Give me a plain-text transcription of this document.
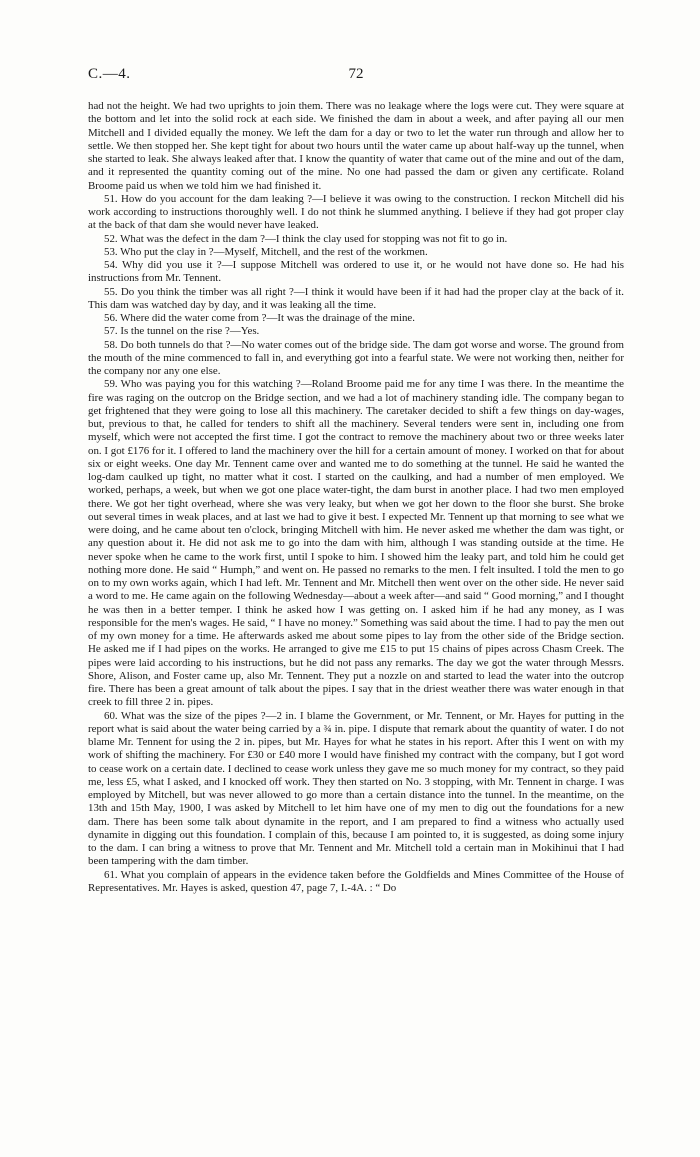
C.—4.	72

had not the height. We had two uprights to join them. There was no leakage where the logs were cut. They were square at the bottom and let into the solid rock at each side. We finished the dam in about a week, and after paying all our men Mitchell and I divided equally the money. We left the dam for a day or two to let the water run through and allow her to settle. We then stopped her. She kept tight for about two hours until the water came up about half-way up the tunnel, when she started to leak. She always leaked after that. I know the quantity of water that came out of the mine and out of the dam, and it represented the quantity coming out of the mine. No one had passed the dam or given any certificate. Roland Broome paid us when we told him we had finished it.

51. How do you account for the dam leaking ?—I believe it was owing to the construction. I reckon Mitchell did his work according to instructions thoroughly well. I do not think he slummed anything. I believe if they had got proper clay at the back of that dam she would never have leaked.

52. What was the defect in the dam ?—I think the clay used for stopping was not fit to go in.

53. Who put the clay in ?—Myself, Mitchell, and the rest of the workmen.

54. Why did you use it ?—I suppose Mitchell was ordered to use it, or he would not have done so. He had his instructions from Mr. Tennent.

55. Do you think the timber was all right ?—I think it would have been if it had had the proper clay at the back of it. This dam was watched day by day, and it was leaking all the time.

56. Where did the water come from ?—It was the drainage of the mine.

57. Is the tunnel on the rise ?—Yes.

58. Do both tunnels do that ?—No water comes out of the bridge side. The dam got worse and worse. The ground from the mouth of the mine commenced to fall in, and everything got into a fearful state. We were not working then, neither for the company nor any one else.

59. Who was paying you for this watching ?—Roland Broome paid me for any time I was there. In the meantime the fire was raging on the outcrop on the Bridge section, and we had a lot of machinery standing idle. The company began to get frightened that they were going to lose all this machinery. The caretaker decided to shift a few things on day-wages, but, previous to that, he called for tenders to shift all the machinery. Several tenders were sent in, including one from myself, which were not accepted the first time. I got the contract to remove the machinery about two or three weeks later on. I got £176 for it. I offered to land the machinery over the hill for a certain amount of money. I worked on that for about six or eight weeks. One day Mr. Tennent came over and wanted me to do something at the tunnel. He said he wanted the log-dam caulked up tight, no matter what it cost. I started on the caulking, and had a number of men employed. We worked, perhaps, a week, but when we got one place water-tight, the dam burst in another place. I had two men employed there. We got her tight overhead, where she was very leaky, but when we got her down to the floor she burst. She broke out several times in weak places, and at last we had to give it best. I expected Mr. Tennent up that morning to see what we were doing, and he came about ten o'clock, bringing Mitchell with him. He never asked me whether the dam was tight, or any question about it. He did not ask me to go into the dam with him, although I was standing outside at the time. He never spoke when he came to the work first, until I spoke to him. I showed him the leaky part, and told him he could get nothing more done. He said “ Humph,” and went on. He passed no remarks to the men. I felt insulted. I told the men to go on to my own works again, which I had left. Mr. Tennent and Mr. Mitchell then went over on the other side. He never said a word to me. He came again on the following Wednesday—about a week after—and said “ Good morning,” and I thought he was then in a better temper. I think he asked how I was getting on. I asked him if he had any money, as I was responsible for the men's wages. He said, “ I have no money.” Something was said about the time. I had to pay the men out of my own money for a time. He afterwards asked me about some pipes to lay from the other side of the Bridge section. He asked me if I had pipes on the works. He arranged to give me £15 to put 15 chains of pipes across Chasm Creek. The pipes were laid according to his instructions, but he did not pass any remarks. The day we got the water through Messrs. Shore, Alison, and Foster came up, also Mr. Tennent. They put a nozzle on and started to lead the water into the outcrop fire. There has been a great amount of talk about the pipes. I say that in the driest weather there was water enough in that creek to fill three 2 in. pipes.

60. What was the size of the pipes ?—2 in. I blame the Government, or Mr. Tennent, or Mr. Hayes for putting in the report what is said about the water being carried by a ¾ in. pipe. I dispute that remark about the quantity of water. I do not blame Mr. Tennent for using the 2 in. pipes, but Mr. Hayes for what he states in his report. After this I went on with my work of shifting the machinery. For £30 or £40 more I would have finished my contract with the company, but I got word to cease work on a certain date. I declined to cease work unless they gave me so much money for my contract, so they paid me, less £5, what I asked, and I knocked off work. They then started on No. 3 stopping, with Mr. Tennent in charge. I was employed by Mitchell, but was never allowed to go more than a certain distance into the tunnel. In the meantime, on the 13th and 15th May, 1900, I was asked by Mitchell to let him have one of my men to dig out the foundations for a new dam. There has been some talk about dynamite in the report, and I am prepared to find a witness who actually used dynamite in digging out this foundation. I complain of this, because I am pointed to, it is suggested, as doing some injury to the dam. I can bring a witness to prove that Mr. Tennent and Mr. Mitchell told a certain man in Mokihinui that I had been tampering with the dam timber.

61. What you complain of appears in the evidence taken before the Goldfields and Mines Committee of the House of Representatives. Mr. Hayes is asked, question 47, page 7, I.-4A. : “ Do
